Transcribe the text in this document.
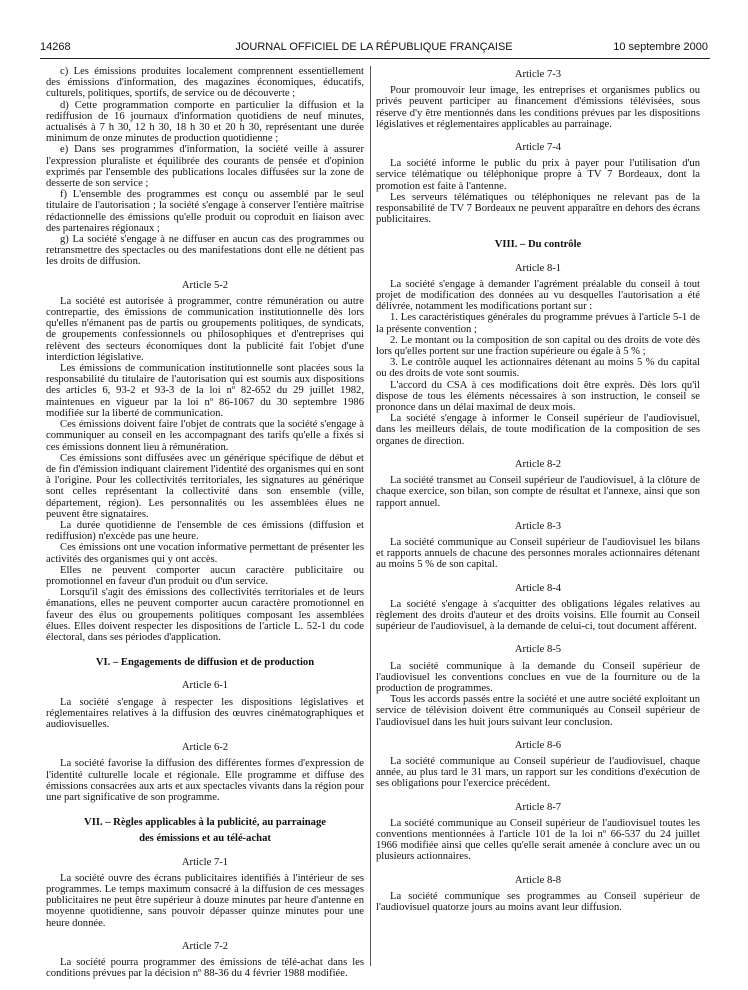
14268	JOURNAL OFFICIEL DE LA RÉPUBLIQUE FRANÇAISE	10 septembre 2000

c) Les émissions produites localement comprennent essentiellement des émissions d'information, des magazines économiques, éducatifs, culturels, politiques, sportifs, de service ou de découverte ;

d) Cette programmation comporte en particulier la diffusion et la rediffusion de 16 journaux d'information quotidiens de neuf minutes, actualisés à 7 h 30, 12 h 30, 18 h 30 et 20 h 30, représentant une durée minimum de onze minutes de production quotidienne ;

e) Dans ses programmes d'information, la société veille à assurer l'expression pluraliste et équilibrée des courants de pensée et d'opinion exprimés par l'ensemble des publications locales diffusées sur la zone de desserte de son service ;

f) L'ensemble des programmes est conçu ou assemblé par le seul titulaire de l'autorisation ; la société s'engage à conserver l'entière maîtrise rédactionnelle des émissions qu'elle produit ou coproduit en liaison avec des partenaires régionaux ;

g) La société s'engage à ne diffuser en aucun cas des programmes ou retransmettre des spectacles ou des manifestations dont elle ne détient pas les droits de diffusion.

Article 5-2

La société est autorisée à programmer, contre rémunération ou autre contrepartie, des émissions de communication institutionnelle dès lors qu'elles n'émanent pas de partis ou groupements politiques, de syndicats, de groupements confessionnels ou philosophiques et d'entreprises qui relèvent des secteurs économiques dont la publicité fait l'objet d'une interdiction législative.

Les émissions de communication institutionnelle sont placées sous la responsabilité du titulaire de l'autorisation qui est soumis aux dispositions des articles 6, 93-2 et 93-3 de la loi nº 82-652 du 29 juillet 1982, maintenues en vigueur par la loi nº 86-1067 du 30 septembre 1986 modifiée sur la liberté de communication.

Ces émissions doivent faire l'objet de contrats que la société s'engage à communiquer au conseil en les accompagnant des tarifs qu'elle a fixés si ces émissions donnent lieu à rémunération.

Ces émissions sont diffusées avec un générique spécifique de début et de fin d'émission indiquant clairement l'identité des organismes qui en sont à l'origine. Pour les collectivités territoriales, les signatures au générique sont celles représentant la collectivité dans son ensemble (ville, département, région). Les personnalités ou les assemblées élues ne peuvent être signataires.

La durée quotidienne de l'ensemble de ces émissions (diffusion et rediffusion) n'excède pas une heure.

Ces émissions ont une vocation informative permettant de présenter les activités des organismes qui y ont accès.

Elles ne peuvent comporter aucun caractère publicitaire ou promotionnel en faveur d'un produit ou d'un service.

Lorsqu'il s'agit des émissions des collectivités territoriales et de leurs émanations, elles ne peuvent comporter aucun caractère promotionnel en faveur des élus ou groupements politiques composant les assemblées élues. Elles doivent respecter les dispositions de l'article L. 52-1 du code électoral, dans ses périodes d'application.

VI. – Engagements de diffusion et de production
Article 6-1

La société s'engage à respecter les dispositions législatives et réglementaires relatives à la diffusion des œuvres cinématographiques et audiovisuelles.

Article 6-2

La société favorise la diffusion des différentes formes d'expression de l'identité culturelle locale et régionale. Elle programme et diffuse des émissions consacrées aux arts et aux spectacles vivants dans la région pour une part significative de son programme.

VII. – Règles applicables à la publicité, au parrainage
des émissions et au télé-achat
Article 7-1

La société ouvre des écrans publicitaires identifiés à l'intérieur de ses programmes. Le temps maximum consacré à la diffusion de ces messages publicitaires ne peut être supérieur à douze minutes par heure d'antenne en moyenne quotidienne, sans pouvoir dépasser quinze minutes pour une heure donnée.

Article 7-2

La société pourra programmer des émissions de télé-achat dans les conditions prévues par la décision nº 88-36 du 4 février 1988 modifiée.

Article 7-3

Pour promouvoir leur image, les entreprises et organismes publics ou privés peuvent participer au financement d'émissions télévisées, sous réserve d'y être mentionnés dans les conditions prévues par les dispositions législatives et réglementaires applicables au parrainage.

Article 7-4

La société informe le public du prix à payer pour l'utilisation d'un service télématique ou téléphonique propre à TV 7 Bordeaux, dont la promotion est faite à l'antenne.

Les serveurs télématiques ou téléphoniques ne relevant pas de la responsabilité de TV 7 Bordeaux ne peuvent apparaître en dehors des écrans publicitaires.

VIII. – Du contrôle
Article 8-1

La société s'engage à demander l'agrément préalable du conseil à tout projet de modification des données au vu desquelles l'autorisation a été délivrée, notamment les modifications portant sur :

1. Les caractéristiques générales du programme prévues à l'article 5-1 de la présente convention ;

2. Le montant ou la composition de son capital ou des droits de vote dès lors qu'elles portent sur une fraction supérieure ou égale à 5 % ;

3. Le contrôle auquel les actionnaires détenant au moins 5 % du capital ou des droits de vote sont soumis.

L'accord du CSA à ces modifications doit être exprès. Dès lors qu'il dispose de tous les éléments nécessaires à son instruction, le conseil se prononce dans un délai maximal de deux mois.

La société s'engage à informer le Conseil supérieur de l'audiovisuel, dans les meilleurs délais, de toute modification de la composition de ses organes de direction.

Article 8-2

La société transmet au Conseil supérieur de l'audiovisuel, à la clôture de chaque exercice, son bilan, son compte de résultat et l'annexe, ainsi que son rapport annuel.

Article 8-3

La société communique au Conseil supérieur de l'audiovisuel les bilans et rapports annuels de chacune des personnes morales actionnaires détenant au moins 5 % de son capital.

Article 8-4

La société s'engage à s'acquitter des obligations légales relatives au règlement des droits d'auteur et des droits voisins. Elle fournit au Conseil supérieur de l'audiovisuel, à la demande de celui-ci, tout document afférent.

Article 8-5

La société communique à la demande du Conseil supérieur de l'audiovisuel les conventions conclues en vue de la fourniture ou de la production de programmes.

Tous les accords passés entre la société et une autre société exploitant un service de télévision doivent être communiqués au Conseil supérieur de l'audiovisuel dans les huit jours suivant leur conclusion.

Article 8-6

La société communique au Conseil supérieur de l'audiovisuel, chaque année, au plus tard le 31 mars, un rapport sur les conditions d'exécution de ses obligations pour l'exercice précédent.

Article 8-7

La société communique au Conseil supérieur de l'audiovisuel toutes les conventions mentionnées à l'article 101 de la loi nº 66-537 du 24 juillet 1966 modifiée ainsi que celles qu'elle serait amenée à conclure avec un ou plusieurs actionnaires.

Article 8-8

La société communique ses programmes au Conseil supérieur de l'audiovisuel quatorze jours au moins avant leur diffusion.
